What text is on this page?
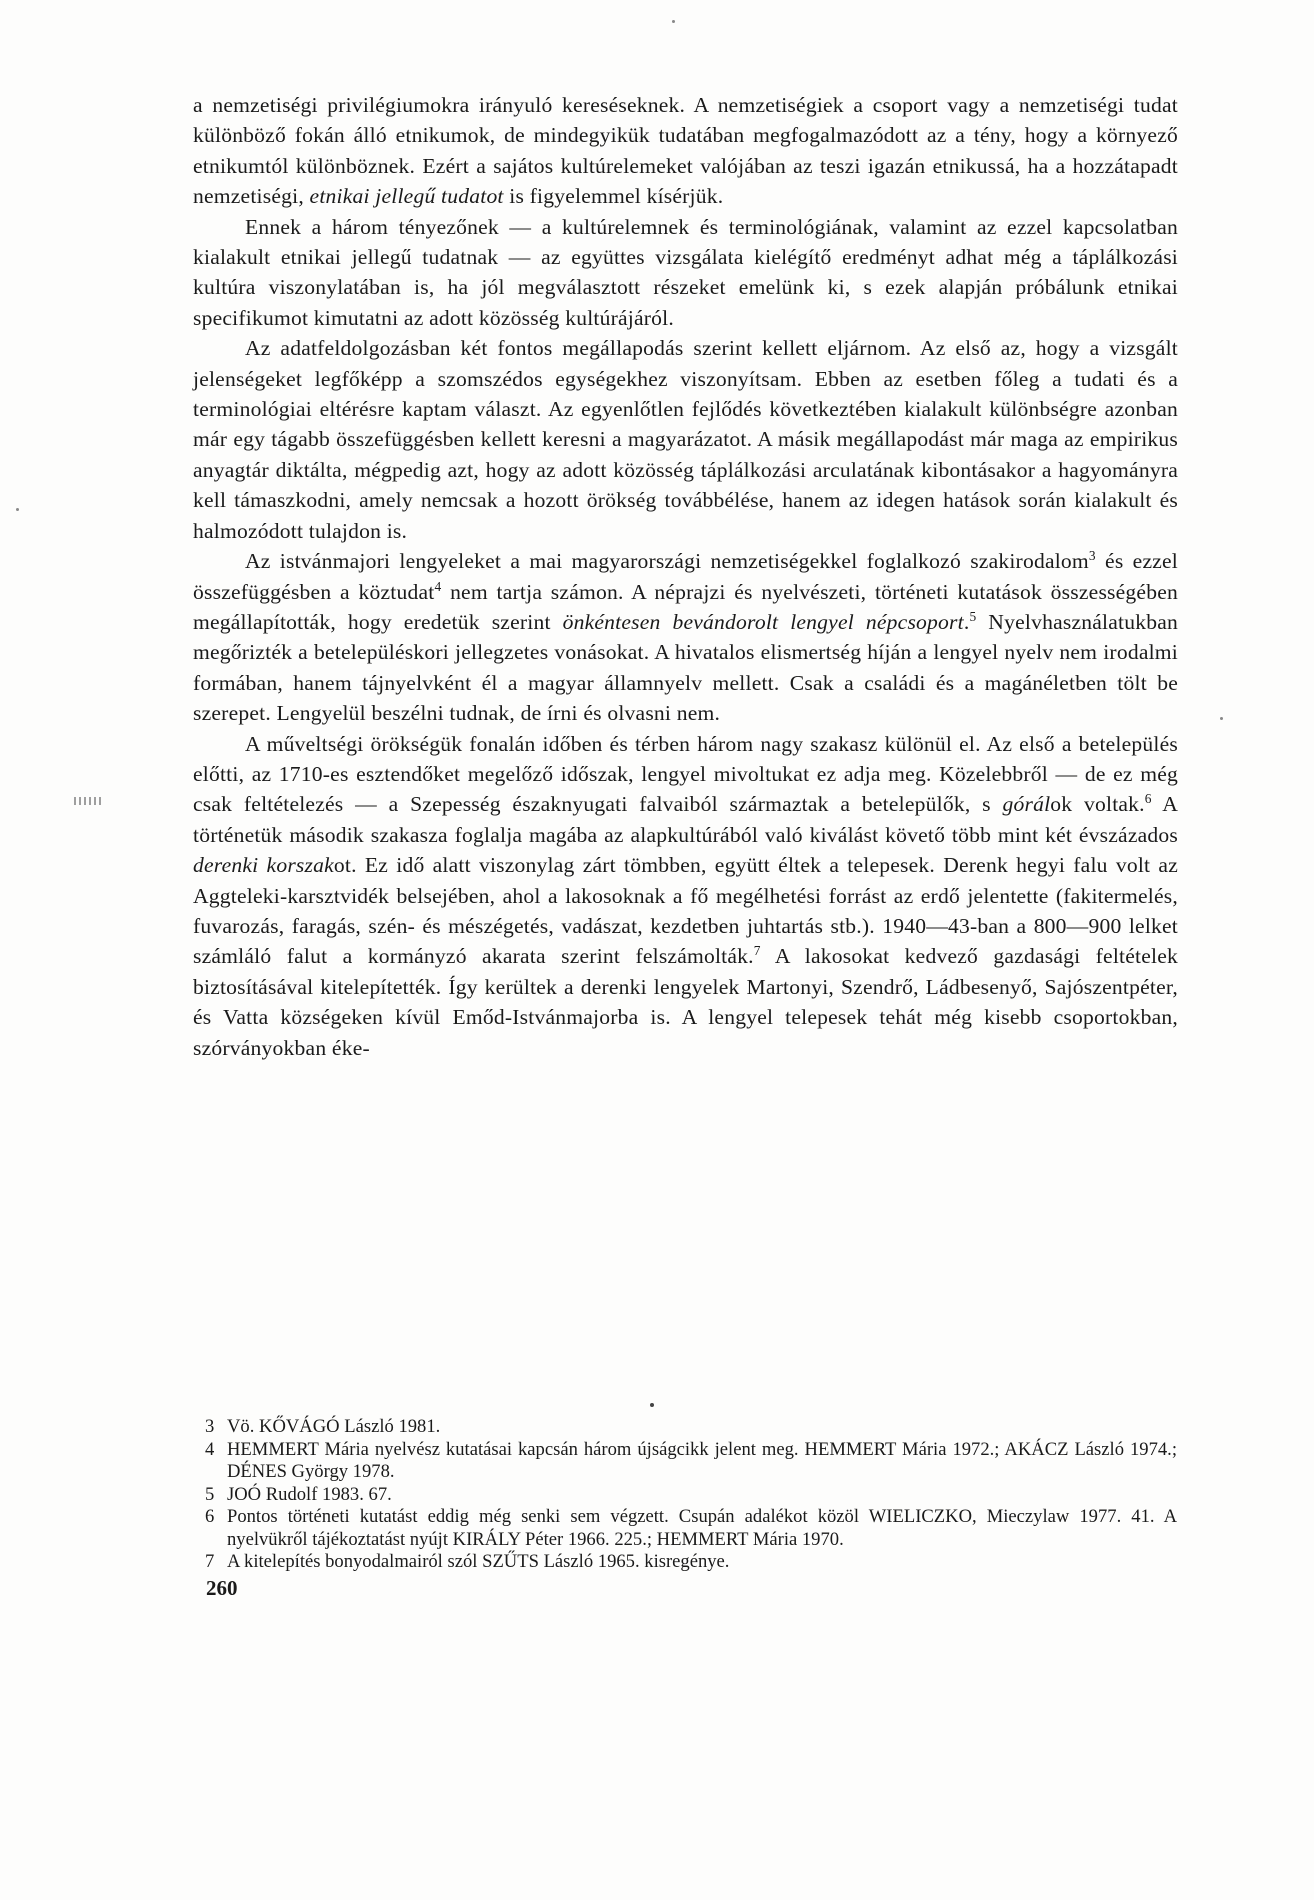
a nemzetiségi privilégiumokra irányuló kereséseknek. A nemzetiségiek a csoport vagy a nemzetiségi tudat különböző fokán álló etnikumok, de mindegyikük tudatában megfogalmazódott az a tény, hogy a környező etnikumtól különböznek. Ezért a sajátos kultúrelemeket valójában az teszi igazán etnikussá, ha a hozzátapadt nemzetiségi, etnikai jellegű tudatot is figyelemmel kísérjük.

Ennek a három tényezőnek — a kultúrelemnek és terminológiának, valamint az ezzel kapcsolatban kialakult etnikai jellegű tudatnak — az együttes vizsgálata kielégítő eredményt adhat még a táplálkozási kultúra viszonylatában is, ha jól megválasztott részeket emelünk ki, s ezek alapján próbálunk etnikai specifikumot kimutatni az adott közösség kultúrájáról.

Az adatfeldolgozásban két fontos megállapodás szerint kellett eljárnom. Az első az, hogy a vizsgált jelenségeket legfőképp a szomszédos egységekhez viszonyítsam. Ebben az esetben főleg a tudati és a terminológiai eltérésre kaptam választ. Az egyenlőtlen fejlődés következtében kialakult különbségre azonban már egy tágabb összefüggésben kellett keresni a magyarázatot. A másik megállapodást már maga az empirikus anyagtár diktálta, mégpedig azt, hogy az adott közösség táplálkozási arculatának kibontásakor a hagyományra kell támaszkodni, amely nemcsak a hozott örökség továbbélése, hanem az idegen hatások során kialakult és halmozódott tulajdon is.

Az istvánmajori lengyeleket a mai magyarországi nemzetiségekkel foglalkozó szakirodalom$^3$ és ezzel összefüggésben a köztudat$^4$ nem tartja számon. A néprajzi és nyelvészeti, történeti kutatások összességében megállapították, hogy eredetük szerint önkéntesen bevándorolt lengyel népcsoport.$^5$ Nyelvhasználatukban megőrizték a betelepüléskori jellegzetes vonásokat. A hivatalos elismertség híján a lengyel nyelv nem irodalmi formában, hanem tájnyelvként él a magyar államnyelv mellett. Csak a családi és a magánéletben tölt be szerepet. Lengyelül beszélni tudnak, de írni és olvasni nem.

A műveltségi örökségük fonalán időben és térben három nagy szakasz különül el. Az első a betelepülés előtti, az 1710-es esztendőket megelőző időszak, lengyel mivoltukat ez adja meg. Közelebbről — de ez még csak feltételezés — a Szepesség északnyugati falvaiból származtak a betelepülők, s górálok voltak.$^6$ A történetük második szakasza foglalja magába az alapkultúrából való kiválást követő több mint két évszázados derenki korszakot. Ez idő alatt viszonylag zárt tömbben, együtt éltek a telepesek. Derenk hegyi falu volt az Aggteleki-karsztvidék belsejében, ahol a lakosoknak a fő megélhetési forrást az erdő jelentette (fakitermelés, fuvarozás, faragás, szén- és mészégetés, vadászat, kezdetben juhtartás stb.). 1940—43-ban a 800—900 lelket számláló falut a kormányzó akarata szerint felszámolták.$^7$ A lakosokat kedvező gazdasági feltételek biztosításával kitelepítették. Így kerültek a derenki lengyelek Martonyi, Szendrő, Ládbesenyő, Sajószentpéter, és Vatta községeken kívül Emőd-Istvánmajorba is. A lengyel telepesek tehát még kisebb csoportokban, szórványokban éke-

3 Vö. KŐVÁGÓ László 1981.
4 HEMMERT Mária nyelvész kutatásai kapcsán három újságcikk jelent meg. HEMMERT Mária 1972.; AKÁCZ László 1974.; DÉNES György 1978.
5 JOÓ Rudolf 1983. 67.
6 Pontos történeti kutatást eddig még senki sem végzett. Csupán adalékot közöl WIELICZKO, Mieczylaw 1977. 41. A nyelvükről tájékoztatást nyújt KIRÁLY Péter 1966. 225.; HEMMERT Mária 1970.
7 A kitelepítés bonyodalmairól szól SZŰTS László 1965. kisregénye.
260
